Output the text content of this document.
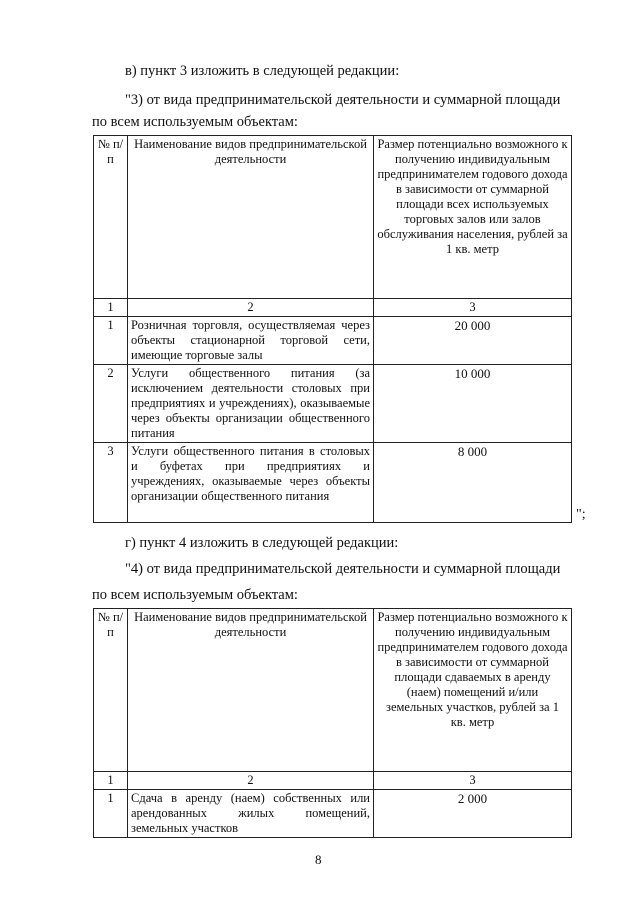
в) пункт 3 изложить в следующей редакции:
"3) от вида предпринимательской деятельности и суммарной площади
по всем используемым объектам:
№ п/п	Наименование видов предпринимательской деятельности	Размер потенциально возможного к получению индивидуальным предпринимателем годового дохода в зависимости от суммарной площади всех используемых торговых залов или залов обслуживания населения, рублей за 1 кв. метр
1	2	3
1	Розничная торговля, осуществляемая через объекты стационарной торговой сети, имеющие торговые залы	20 000
2	Услуги общественного питания (за исключением деятельности столовых при предприятиях и учреждениях), оказываемые через объекты организации общественного питания	10 000
3	Услуги общественного питания в столовых и буфетах при предприятиях и учреждениях, оказываемые через объекты организации общественного питания	8 000
";
г) пункт 4 изложить в следующей редакции:
"4) от вида предпринимательской деятельности и суммарной площади
по всем используемым объектам:
№ п/п	Наименование видов предпринимательской деятельности	Размер потенциально возможного к получению индивидуальным предпринимателем годового дохода в зависимости от суммарной площади сдаваемых в аренду (наем) помещений и/или земельных участков, рублей за 1 кв. метр
1	2	3
1	Сдача в аренду (наем) собственных или арендованных жилых помещений, земельных участков	2 000
8
